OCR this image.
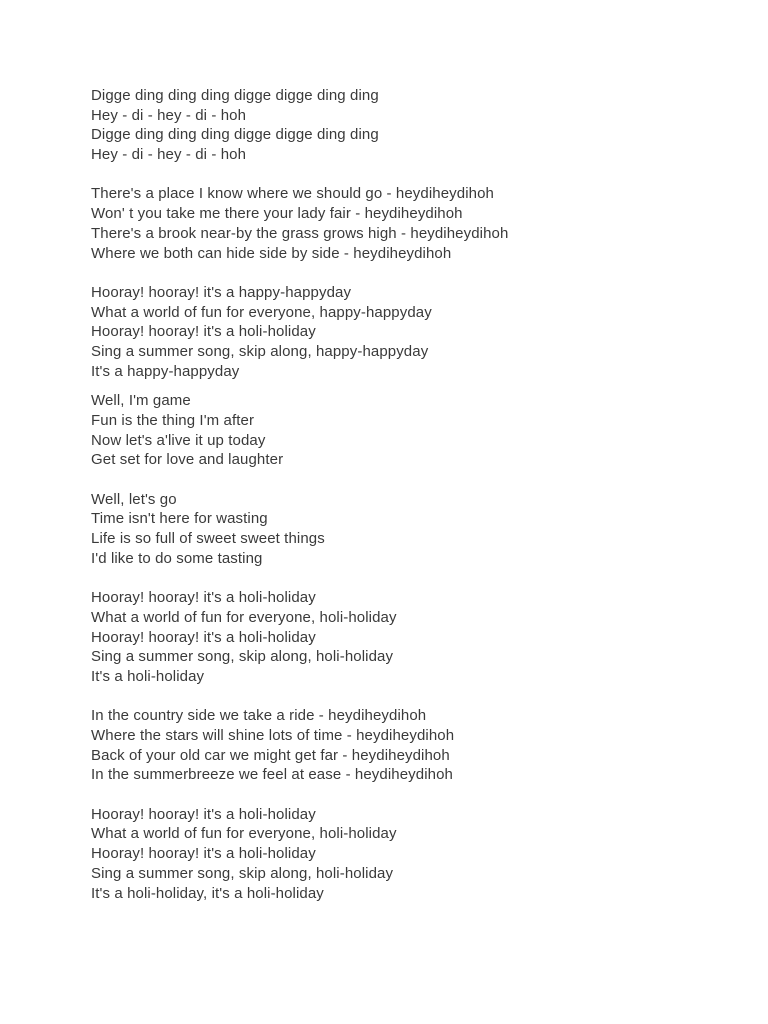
Digge ding ding ding digge digge ding ding
Hey - di - hey - di - hoh
Digge ding ding ding digge digge ding ding
Hey - di - hey - di - hoh
There's a place I know where we should go - heydiheydihoh
Won' t you take me there your lady fair - heydiheydihoh
There's a brook near-by the grass grows high - heydiheydihoh
Where we both can hide side by side - heydiheydihoh
Hooray! hooray! it's a happy-happyday
What a world of fun for everyone, happy-happyday
Hooray! hooray! it's a holi-holiday
Sing a summer song, skip along, happy-happyday
It's a happy-happyday
Well, I'm game
Fun is the thing I'm after
Now let's a'live it up today
Get set for love and laughter
Well, let's go
Time isn't here for wasting
Life is so full of sweet sweet things
I'd like to do some tasting
Hooray! hooray! it's a holi-holiday
What a world of fun for everyone, holi-holiday
Hooray! hooray! it's a holi-holiday
Sing a summer song, skip along, holi-holiday
It's a holi-holiday
In the country side we take a ride - heydiheydihoh
Where the stars will shine lots of time - heydiheydihoh
Back of your old car we might get far - heydiheydihoh
In the summerbreeze we feel at ease - heydiheydihoh
Hooray! hooray! it's a holi-holiday
What a world of fun for everyone, holi-holiday
Hooray! hooray! it's a holi-holiday
Sing a summer song, skip along, holi-holiday
It's a holi-holiday, it's a holi-holiday
